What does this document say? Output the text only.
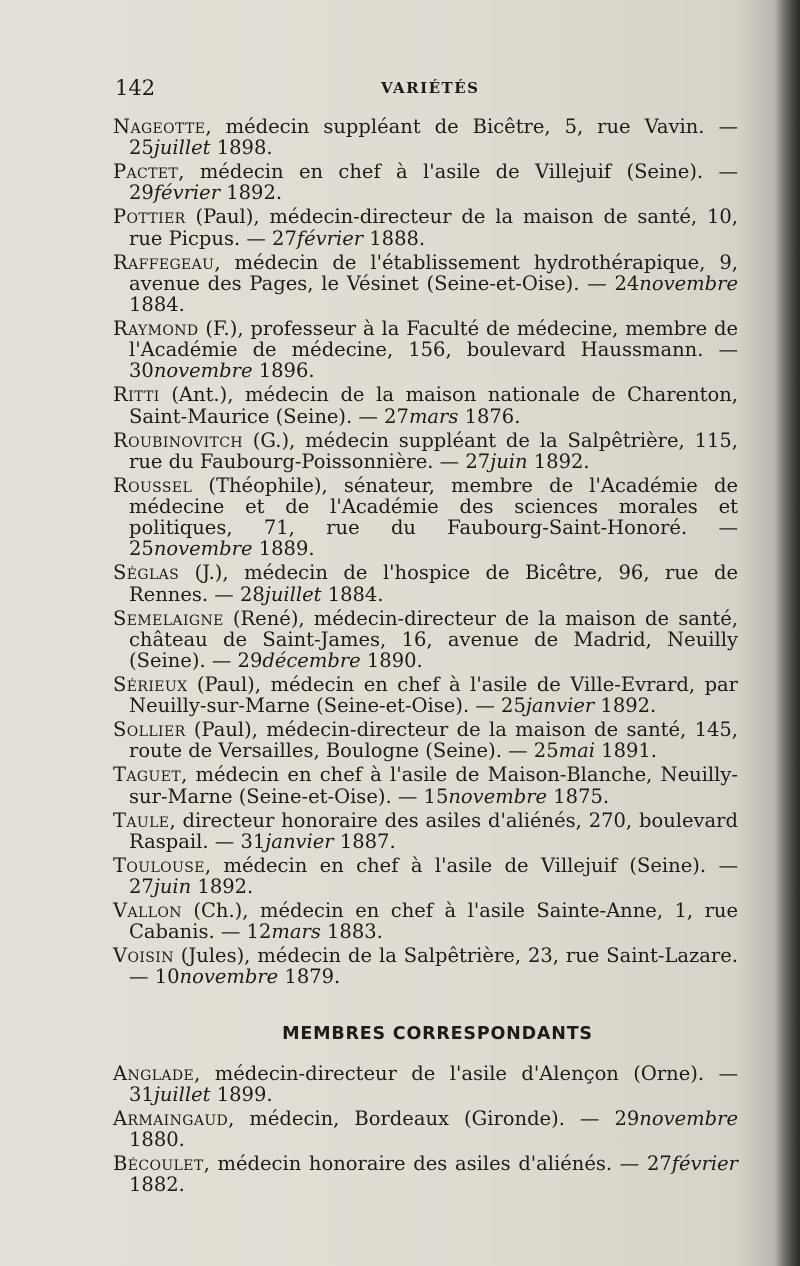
142	VARIÉTÉS

Nageotte, médecin suppléant de Bicêtre, 5, rue Vavin. — 25juillet 1898.

Pactet, médecin en chef à l'asile de Villejuif (Seine). — 29février 1892.

Pottier (Paul), médecin-directeur de la maison de santé, 10, rue Picpus. — 27février 1888.

Raffegeau, médecin de l'établissement hydrothérapique, 9, avenue des Pages, le Vésinet (Seine-et-Oise). — 24novembre 1884.

Raymond (F.), professeur à la Faculté de médecine, membre de l'Académie de médecine, 156, boulevard Haussmann. — 30novembre 1896.

Ritti (Ant.), médecin de la maison nationale de Charenton, Saint-Maurice (Seine). — 27mars 1876.

Roubinovitch (G.), médecin suppléant de la Salpêtrière, 115, rue du Faubourg-Poissonnière. — 27juin 1892.

Roussel (Théophile), sénateur, membre de l'Académie de médecine et de l'Académie des sciences morales et politiques, 71, rue du Faubourg-Saint-Honoré. — 25novembre 1889.

Séglas (J.), médecin de l'hospice de Bicêtre, 96, rue de Rennes. — 28juillet 1884.

Semelaigne (René), médecin-directeur de la maison de santé, château de Saint-James, 16, avenue de Madrid, Neuilly (Seine). — 29décembre 1890.

Sérieux (Paul), médecin en chef à l'asile de Ville-Evrard, par Neuilly-sur-Marne (Seine-et-Oise). — 25janvier 1892.

Sollier (Paul), médecin-directeur de la maison de santé, 145, route de Versailles, Boulogne (Seine). — 25mai 1891.

Taguet, médecin en chef à l'asile de Maison-Blanche, Neuilly-sur-Marne (Seine-et-Oise). — 15novembre 1875.

Taule, directeur honoraire des asiles d'aliénés, 270, boulevard Raspail. — 31janvier 1887.

Toulouse, médecin en chef à l'asile de Villejuif (Seine). — 27juin 1892.

Vallon (Ch.), médecin en chef à l'asile Sainte-Anne, 1, rue Cabanis. — 12mars 1883.

Voisin (Jules), médecin de la Salpêtrière, 23, rue Saint-Lazare. — 10novembre 1879.

MEMBRES CORRESPONDANTS

Anglade, médecin-directeur de l'asile d'Alençon (Orne). — 31juillet 1899.

Armaingaud, médecin, Bordeaux (Gironde). — 29novembre 1880.

Bécoulet, médecin honoraire des asiles d'aliénés. — 27février 1882.
